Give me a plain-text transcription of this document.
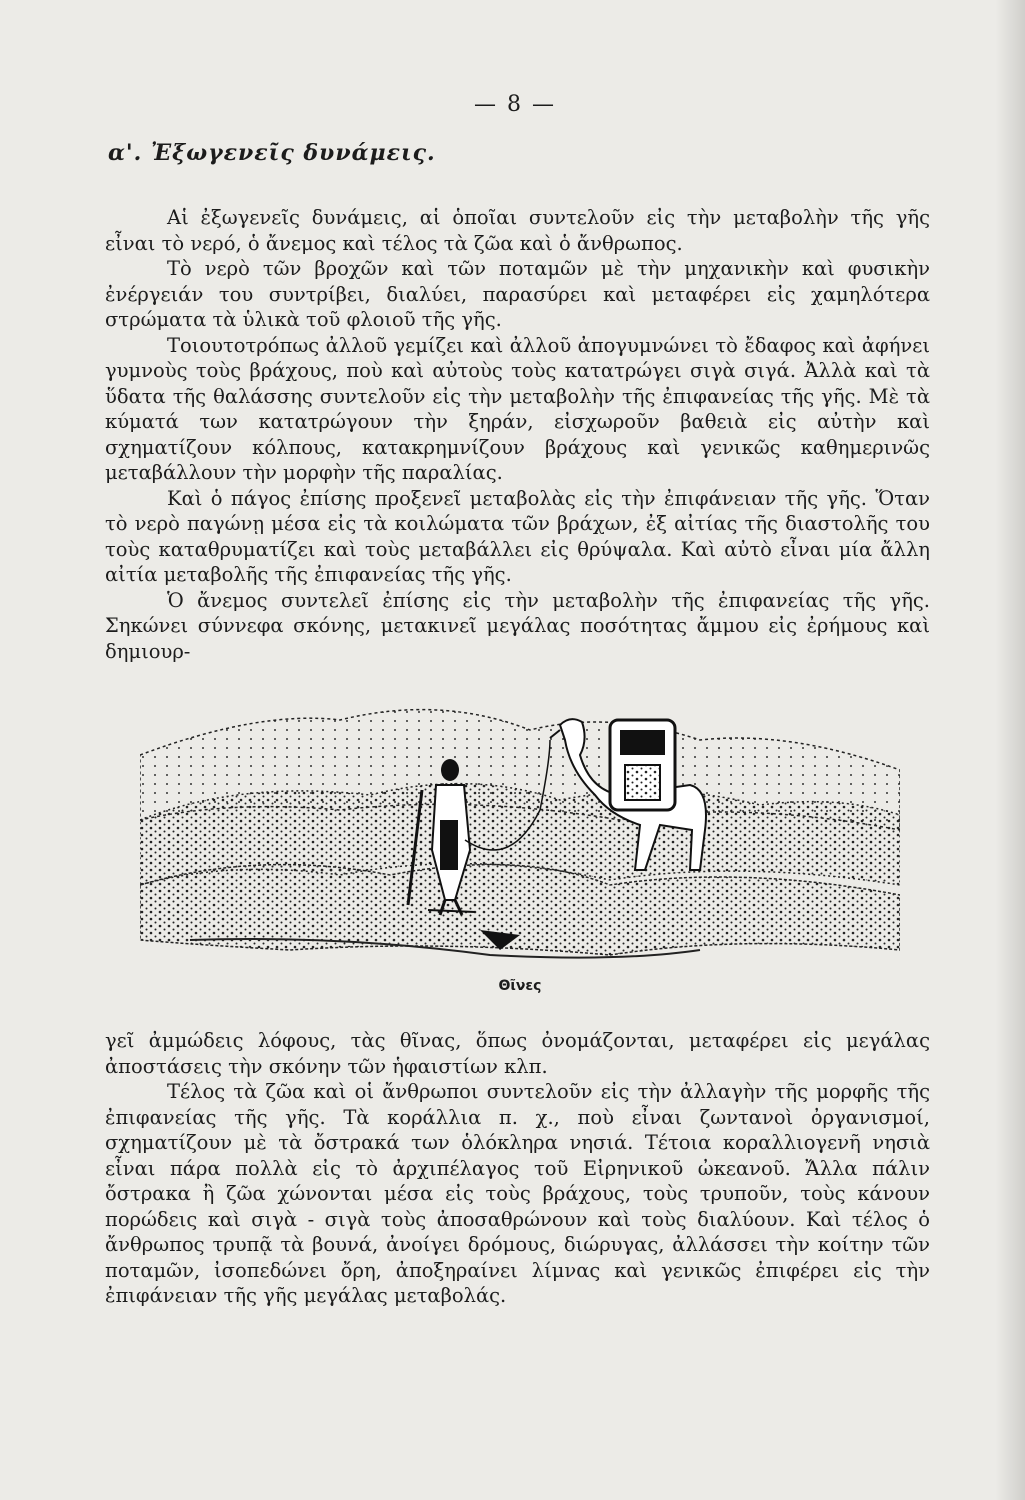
— 8 —
α'. Ἐξωγενεῖς δυνάμεις.

Αἱ ἐξωγενεῖς δυνάμεις, αἱ ὁποῖαι συντελοῦν εἰς τὴν μεταβολὴν τῆς γῆς εἶναι τὸ νερό, ὁ ἄνεμος καὶ τέλος τὰ ζῶα καὶ ὁ ἄνθρωπος.

Τὸ νερὸ τῶν βροχῶν καὶ τῶν ποταμῶν μὲ τὴν μηχανικὴν καὶ φυσικὴν ἐνέργειάν του συντρίβει, διαλύει, παρασύρει καὶ μεταφέρει εἰς χαμηλότερα στρώματα τὰ ὑλικὰ τοῦ φλοιοῦ τῆς γῆς.

Τοιουτοτρόπως ἀλλοῦ γεμίζει καὶ ἀλλοῦ ἀπογυμνώνει τὸ ἔδαφος καὶ ἀφήνει γυμνοὺς τοὺς βράχους, ποὺ καὶ αὐτοὺς τοὺς κατατρώγει σιγὰ σιγά. Ἀλλὰ καὶ τὰ ὕδατα τῆς θαλάσσης συντελοῦν εἰς τὴν μεταβολὴν τῆς ἐπιφανείας τῆς γῆς. Μὲ τὰ κύματά των κατατρώγουν τὴν ξηράν, εἰσχωροῦν βαθειὰ εἰς αὐτὴν καὶ σχηματίζουν κόλπους, κατακρημνίζουν βράχους καὶ γενικῶς καθημερινῶς μεταβάλλουν τὴν μορφὴν τῆς παραλίας.

Καὶ ὁ πάγος ἐπίσης προξενεῖ μεταβολὰς εἰς τὴν ἐπιφάνειαν τῆς γῆς. Ὅταν τὸ νερὸ παγώνῃ μέσα εἰς τὰ κοιλώματα τῶν βράχων, ἐξ αἰτίας τῆς διαστολῆς του τοὺς καταθρυματίζει καὶ τοὺς μεταβάλλει εἰς θρύψαλα. Καὶ αὐτὸ εἶναι μία ἄλλη αἰτία μεταβολῆς τῆς ἐπιφανείας τῆς γῆς.

Ὁ ἄνεμος συντελεῖ ἐπίσης εἰς τὴν μεταβολὴν τῆς ἐπιφανείας τῆς γῆς. Σηκώνει σύννεφα σκόνης, μετακινεῖ μεγάλας ποσότητας ἄμμου εἰς ἐρήμους καὶ δημιουρ-

Θῖνες

γεῖ ἀμμώδεις λόφους, τὰς θῖνας, ὅπως ὀνομάζονται, μεταφέρει εἰς μεγάλας ἀποστάσεις τὴν σκόνην τῶν ἡφαιστίων κλπ.

Τέλος τὰ ζῶα καὶ οἱ ἄνθρωποι συντελοῦν εἰς τὴν ἀλλαγὴν τῆς μορφῆς τῆς ἐπιφανείας τῆς γῆς. Τὰ κοράλλια π. χ., ποὺ εἶναι ζωντανοὶ ὀργανισμοί, σχηματίζουν μὲ τὰ ὄστρακά των ὁλόκληρα νησιά. Τέτοια κοραλλιογενῆ νησιὰ εἶναι πάρα πολλὰ εἰς τὸ ἀρχιπέλαγος τοῦ Εἰρηνικοῦ ὠκεανοῦ. Ἄλλα πάλιν ὄστρακα ἢ ζῶα χώνονται μέσα εἰς τοὺς βράχους, τοὺς τρυποῦν, τοὺς κάνουν πορώδεις καὶ σιγὰ - σιγὰ τοὺς ἀποσαθρώνουν καὶ τοὺς διαλύουν. Καὶ τέλος ὁ ἄνθρωπος τρυπᾷ τὰ βουνά, ἀνοίγει δρόμους, διώρυγας, ἀλλάσσει τὴν κοίτην τῶν ποταμῶν, ἰσοπεδώνει ὄρη, ἀποξηραίνει λίμνας καὶ γενικῶς ἐπιφέρει εἰς τὴν ἐπιφάνειαν τῆς γῆς μεγάλας μεταβολάς.
